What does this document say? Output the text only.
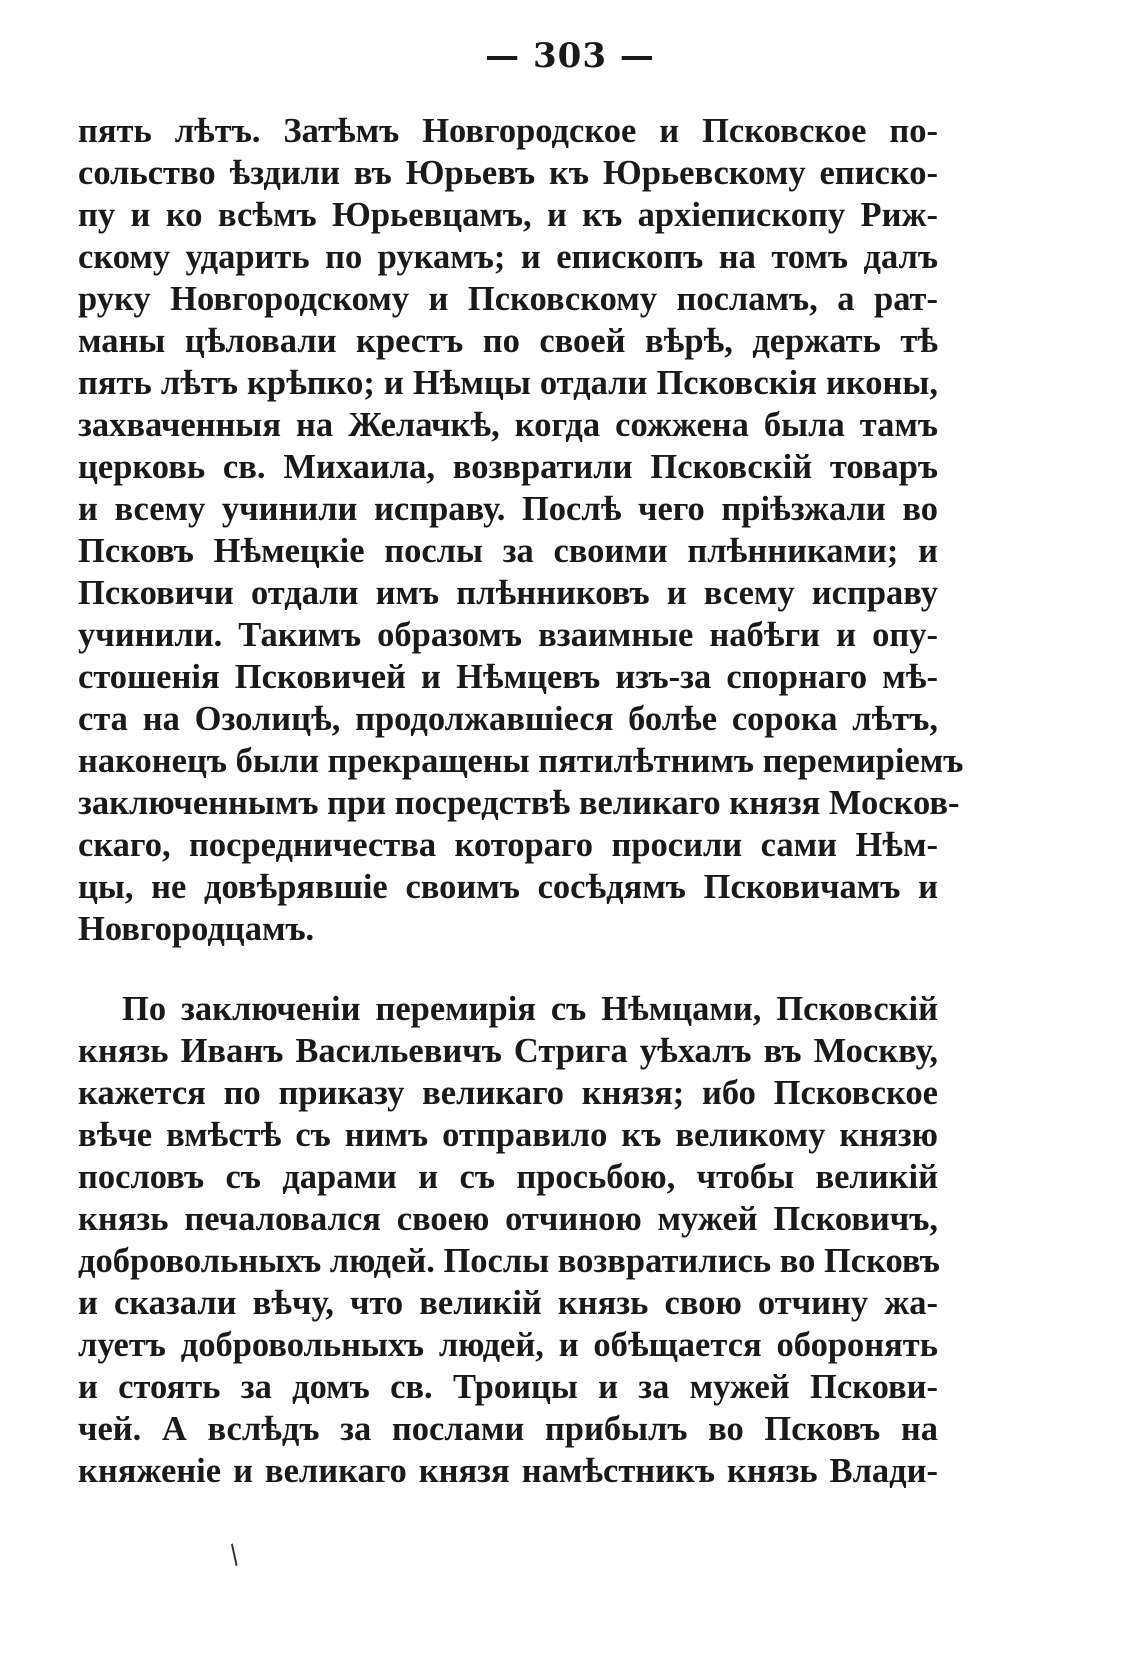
— 303 —
пять лѣтъ. Затѣмъ Новгородское и Псковское по-
сольство ѣздили въ Юрьевъ къ Юрьевскому еписко-
пу и ко всѣмъ Юрьевцамъ, и къ архіепископу Риж-
скому ударить по рукамъ; и епископъ на томъ далъ
руку Новгородскому и Псковскому посламъ, а рат-
маны цѣловали крестъ по своей вѣрѣ, держать тѣ
пять лѣтъ крѣпко; и Нѣмцы отдали Псковскія иконы,
захваченныя на Желачкѣ, когда сожжена была тамъ
церковь св. Михаила, возвратили Псковскій товаръ
и всему учинили исправу. Послѣ чего пріѣзжали во
Псковъ Нѣмецкіе послы за своими плѣнниками; и
Псковичи отдали имъ плѣнниковъ и всему исправу
учинили. Такимъ образомъ взаимные набѣги и опу-
стошенія Псковичей и Нѣмцевъ изъ-за спорнаго мѣ-
ста на Озолицѣ, продолжавшіеся болѣе сорока лѣтъ,
наконецъ были прекращены пятилѣтнимъ перемиріемъ
заключеннымъ при посредствѣ великаго князя Москов-
скаго, посредничества котораго просили сами Нѣм-
цы, не довѣрявшіе своимъ сосѣдямъ Псковичамъ и
Новгородцамъ.
По заключеніи перемирія съ Нѣмцами, Псковскій
князь Иванъ Васильевичъ Стрига уѣхалъ въ Москву,
кажется по приказу великаго князя; ибо Псковское
вѣче вмѣстѣ съ нимъ отправило къ великому князю
пословъ съ дарами и съ просьбою, чтобы великій
князь печаловался своею отчиною мужей Псковичъ,
добровольныхъ людей. Послы возвратились во Псковъ
и сказали вѣчу, что великій князь свою отчину жа-
луетъ добровольныхъ людей, и обѣщается оборонять
и стоять за домъ св. Троицы и за мужей Пскови-
чей. А вслѣдъ за послами прибылъ во Псковъ на
княженіе и великаго князя намѣстникъ князь Влади-
/
